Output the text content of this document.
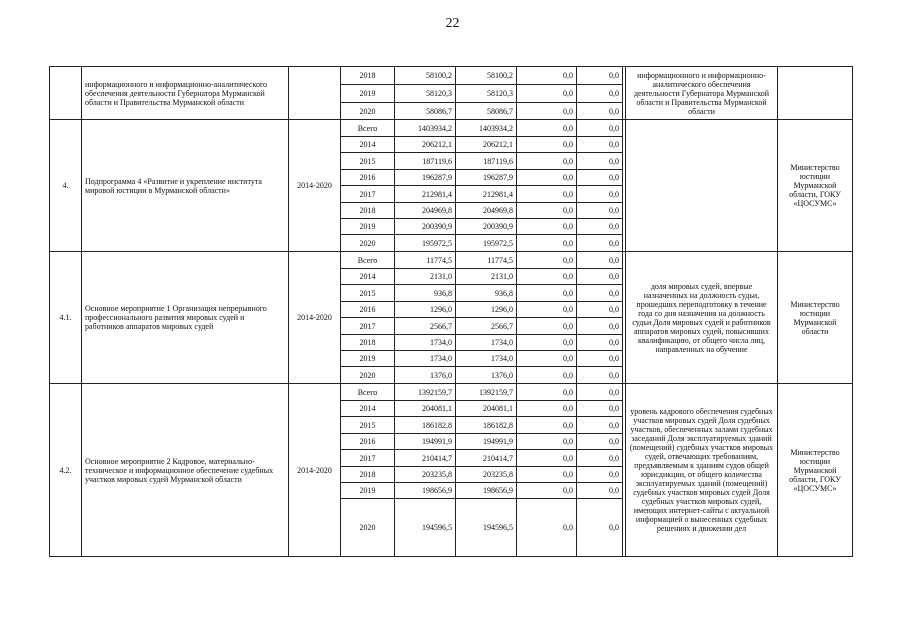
22
	информационного и информационно-аналитического обеспечения деятельности Губернатора Мурманской области и Правительства Мурманской области		2018	58100,2	58100,2	0,0	0,0		информационного и информационно-аналитического обеспечения деятельности Губернатора Мурманской области и Правительства Мурманской области	
			2019	58120,3	58120,3	0,0	0,0			
			2020	58086,7	58086,7	0,0	0,0			
4.	Подпрограмма 4 «Развитие и укрепление института мировой юстиции в Мурманской области»	2014-2020	Всего	1403934,2	1403934,2	0,0	0,0			Министерство юстиции Мурманской области, ГОКУ «ЦОСУМС»
			2014	206212,1	206212,1	0,0	0,0			
			2015	187119,6	187119,6	0,0	0,0			
			2016	196287,9	196287,9	0,0	0,0			
			2017	212981,4	212981,4	0,0	0,0			
			2018	204969,8	204969,8	0,0	0,0			
			2019	200390,9	200390,9	0,0	0,0			
			2020	195972,5	195972,5	0,0	0,0			
4.1.	Основное мероприятие 1 Организация непрерывного профессионального развития мировых судей и работников аппаратов мировых судей	2014-2020	Всего	11774,5	11774,5	0,0	0,0		доля мировых судей, впервые назначенных на должность судьи, прошедших переподготовку в течение года со дня назначения на должность судьи Доля мировых судей и работников аппаратов мировых судей, повысивших квалификацию, от общего числа лиц, направленных на обучение	Министерство юстиции Мурманской области
			2014	2131,0	2131,0	0,0	0,0			
			2015	936,8	936,8	0,0	0,0			
			2016	1296,0	1296,0	0,0	0,0			
			2017	2566,7	2566,7	0,0	0,0			
			2018	1734,0	1734,0	0,0	0,0			
			2019	1734,0	1734,0	0,0	0,0			
			2020	1376,0	1376,0	0,0	0,0			
4.2.	Основное мероприятие 2 Кадровое, материально-техническое и информационное обеспечение судебных участков мировых судей Мурманской области	2014-2020	Всего	1392159,7	1392159,7	0,0	0,0		уровень кадрового обеспечения судебных участков мировых судей Доля судебных участков, обеспеченных залами судебных заседаний Доля эксплуатируемых зданий (помещений) судебных участков мировых судей, отвечающих требованиям, предъявляемым к зданиям судов общей юрисдикции, от общего количества эксплуатируемых зданий (помещений) судебных участков мировых судей Доля судебных участков мировых судей, имеющих интернет-сайты с актуальной информацией о вынесенных судебных решениях и движении дел	Министерство юстиции Мурманской области, ГОКУ «ЦОСУМС»
			2014	204081,1	204081,1	0,0	0,0			
			2015	186182,8	186182,8	0,0	0,0			
			2016	194991,9	194991,9	0,0	0,0			
			2017	210414,7	210414,7	0,0	0,0			
			2018	203235,8	203235,8	0,0	0,0			
			2019	198656,9	198656,9	0,0	0,0			
			2020	194596,5	194596,5	0,0	0,0			
